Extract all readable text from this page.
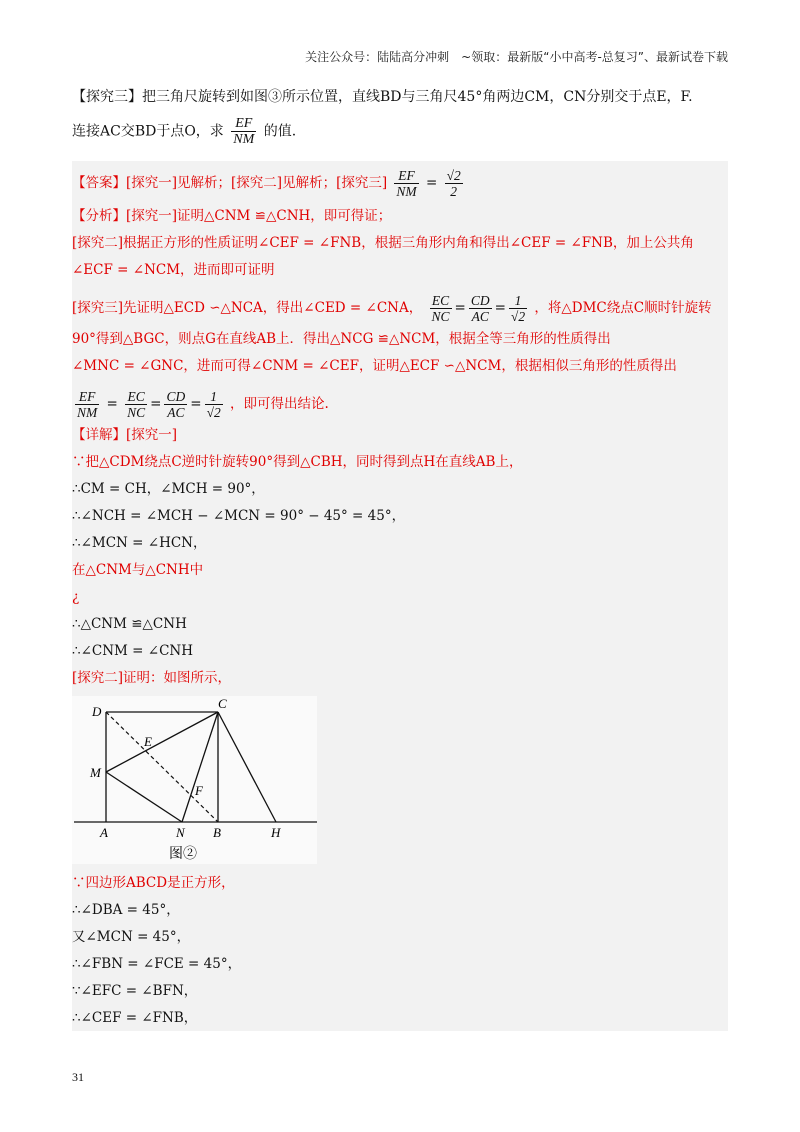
关注公众号：陆陆高分冲刺　~领取：最新版“小中高考-总复习”、最新试卷下载
【探究三】把三角尺旋转到如图③所示位置，直线BD与三角尺45°角两边CM，CN分别交于点E，F.
连接AC交BD于点O，求 $\frac{EF}{NM}$ 的值.
【答案】[探究一]见解析；[探究二]见解析；[探究三] $\frac{EF}{NM} = \frac{√2}{2}$
【分析】[探究一]证明△CNM ≌△CNH，即可得证；
[探究二]根据正方形的性质证明∠CEF = ∠FNB，根据三角形内角和得出∠CEF = ∠FNB，加上公共角
∠ECF = ∠NCM，进而即可证明
[探究三]先证明△ECD ∽△NCA，得出∠CED = ∠CNA， $\frac{EC}{NC} = \frac{CD}{AC} = \frac{1}{√2}$ ，将△DMC绕点C顺时针旋转
90°得到△BGC，则点G在直线AB上．得出△NCG ≌△NCM，根据全等三角形的性质得出
∠MNC = ∠GNC，进而可得∠CNM = ∠CEF，证明△ECF ∽△NCM，根据相似三角形的性质得出
$\frac{EF}{NM} = \frac{EC}{NC} = \frac{CD}{AC} = \frac{1}{√2}$ ，即可得出结论.
【详解】[探究一]
∵把△CDM绕点C逆时针旋转90°得到△CBH，同时得到点H在直线AB上，
∴CM = CH，∠MCH = 90°，
∴∠NCH = ∠MCH − ∠MCN = 90° − 45° = 45°，
∴∠MCN = ∠HCN，
在△CNM与△CNH中
¿
∴△CNM ≌△CNH
∴∠CNM = ∠CNH
[探究二]证明：如图所示，
D
C
E
M
F
A	N B	H
图②
∵四边形ABCD是正方形，
∴∠DBA = 45°，
又∠MCN = 45°，
∴∠FBN = ∠FCE = 45°，
∵∠EFC = ∠BFN，
∴∠CEF = ∠FNB，
31
